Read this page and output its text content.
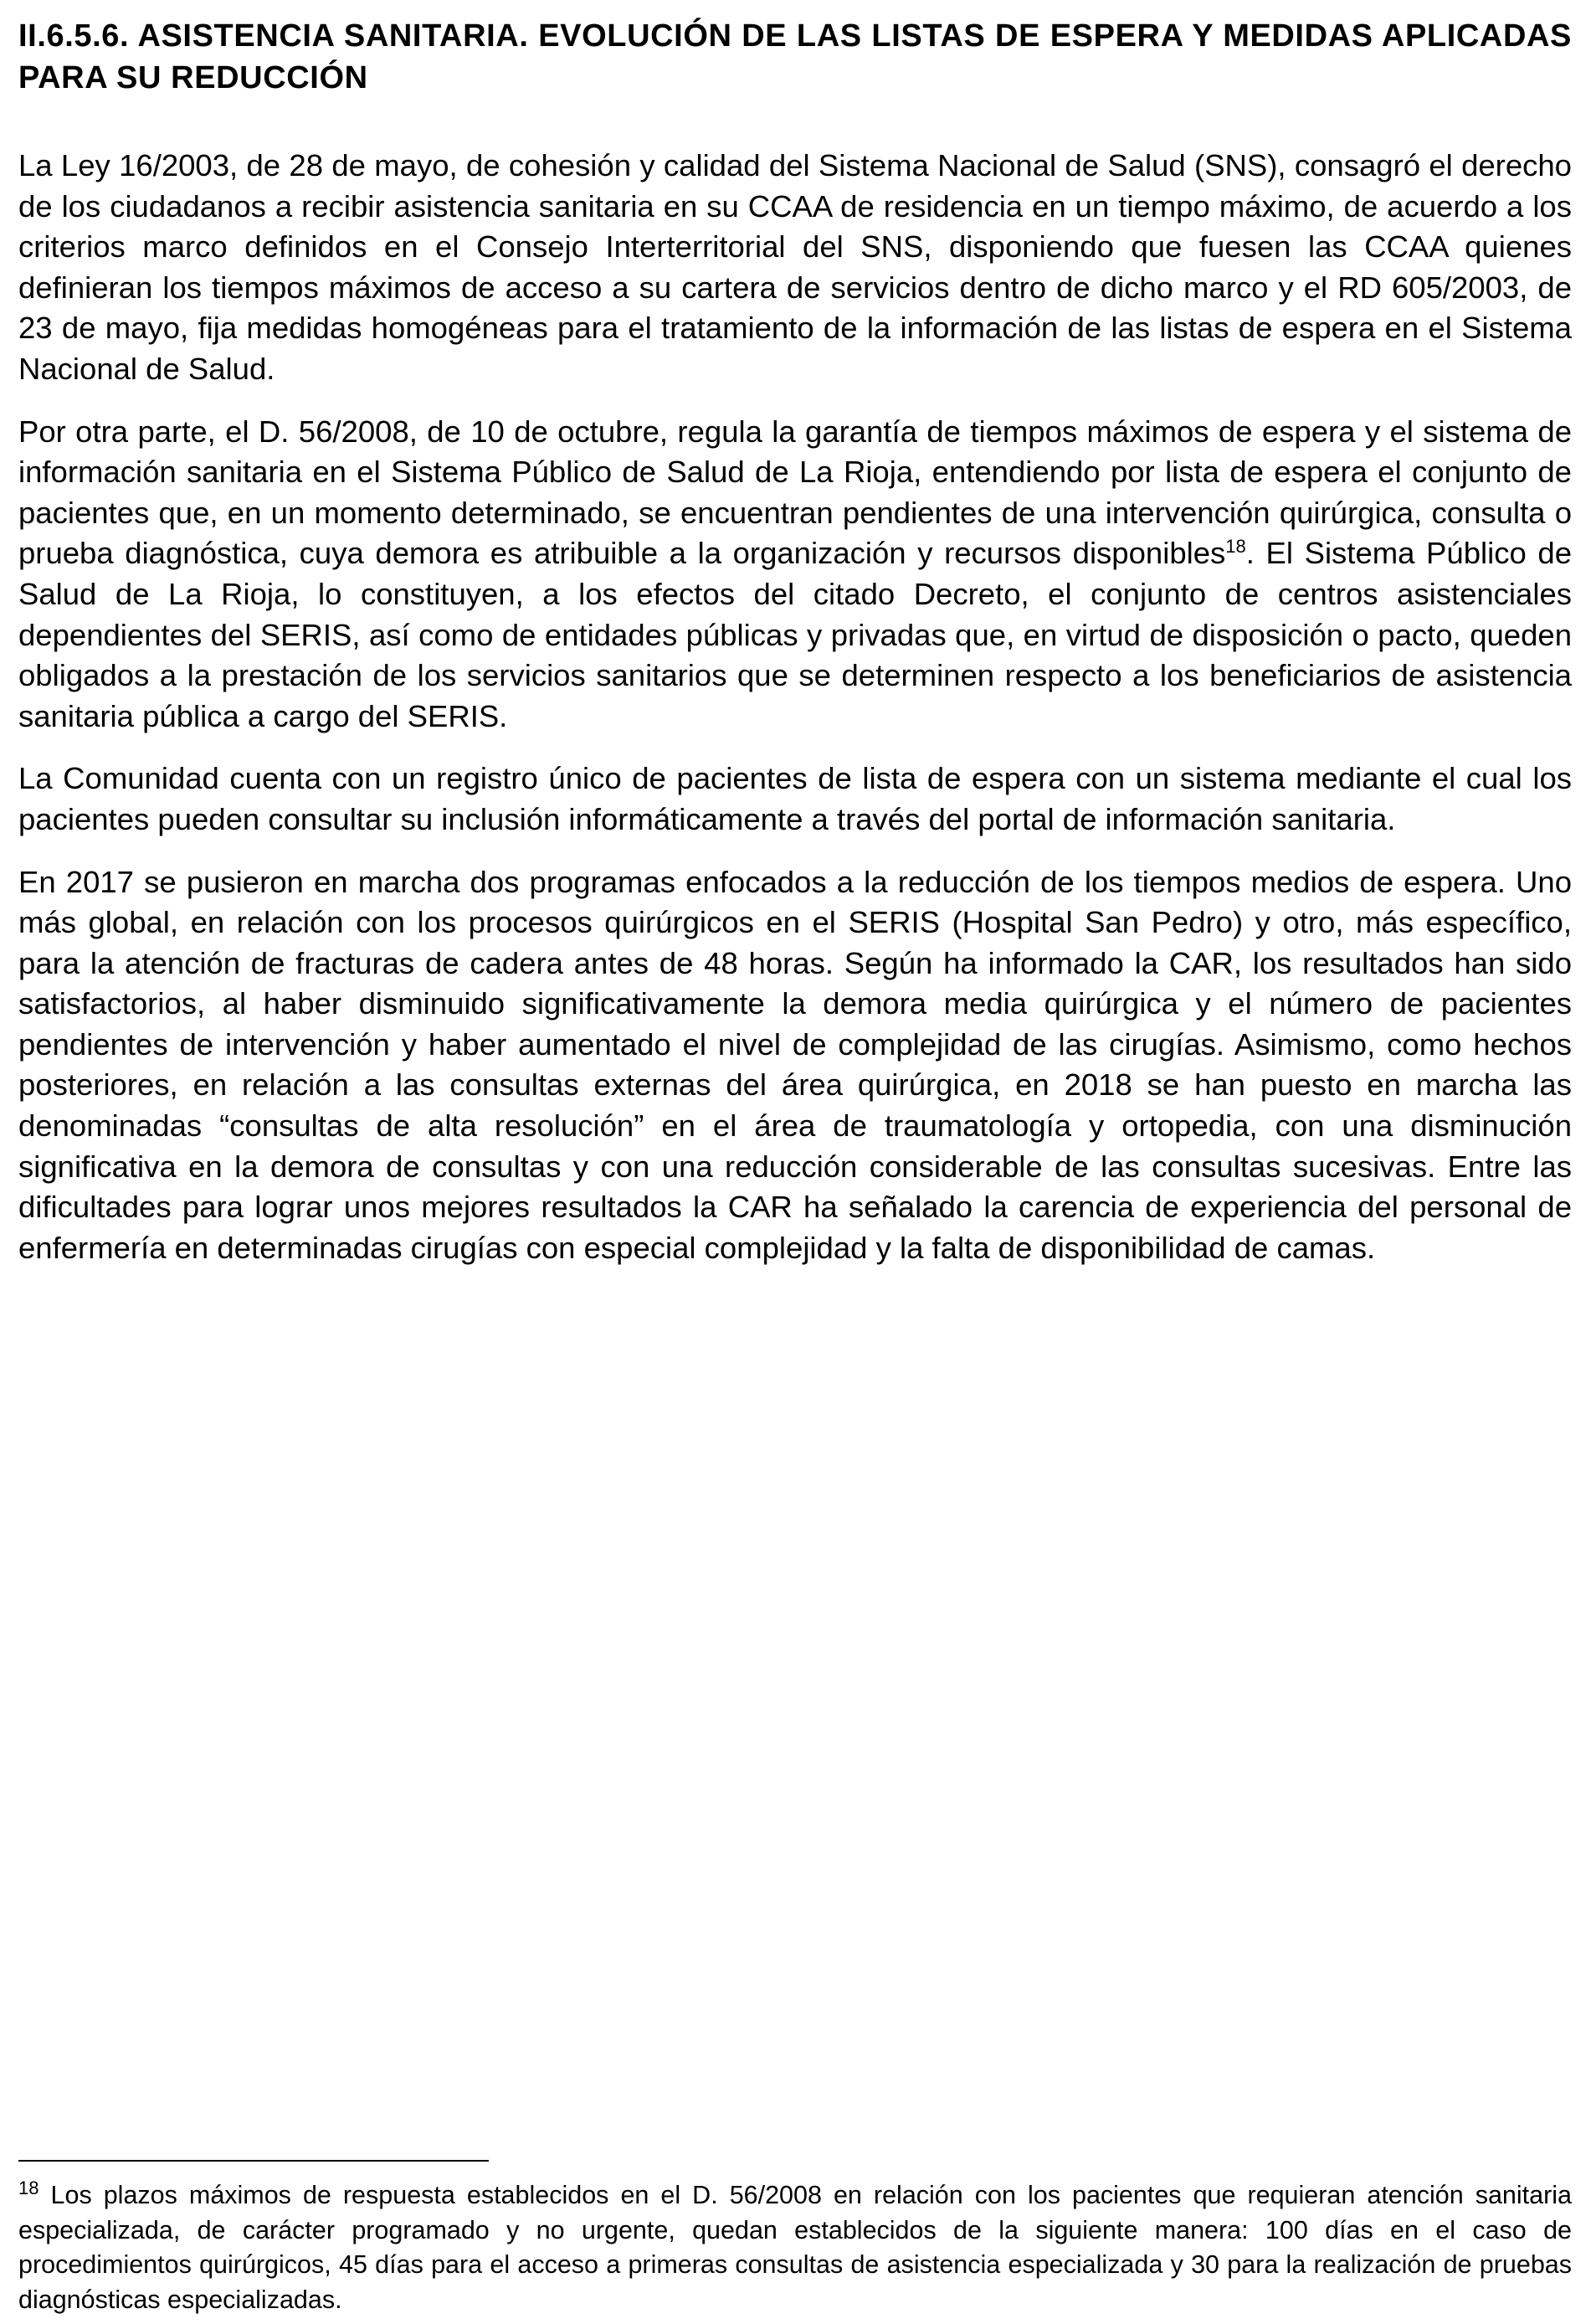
II.6.5.6. ASISTENCIA SANITARIA. EVOLUCIÓN DE LAS LISTAS DE ESPERA Y MEDIDAS APLICADAS PARA SU REDUCCIÓN

La Ley 16/2003, de 28 de mayo, de cohesión y calidad del Sistema Nacional de Salud (SNS), consagró el derecho de los ciudadanos a recibir asistencia sanitaria en su CCAA de residencia en un tiempo máximo, de acuerdo a los criterios marco definidos en el Consejo Interterritorial del SNS, disponiendo que fuesen las CCAA quienes definieran los tiempos máximos de acceso a su cartera de servicios dentro de dicho marco y el RD 605/2003, de 23 de mayo, fija medidas homogéneas para el tratamiento de la información de las listas de espera en el Sistema Nacional de Salud.

Por otra parte, el D. 56/2008, de 10 de octubre, regula la garantía de tiempos máximos de espera y el sistema de información sanitaria en el Sistema Público de Salud de La Rioja, entendiendo por lista de espera el conjunto de pacientes que, en un momento determinado, se encuentran pendientes de una intervención quirúrgica, consulta o prueba diagnóstica, cuya demora es atribuible a la organización y recursos disponibles$^{18}$. El Sistema Público de Salud de La Rioja, lo constituyen, a los efectos del citado Decreto, el conjunto de centros asistenciales dependientes del SERIS, así como de entidades públicas y privadas que, en virtud de disposición o pacto, queden obligados a la prestación de los servicios sanitarios que se determinen respecto a los beneficiarios de asistencia sanitaria pública a cargo del SERIS.

La Comunidad cuenta con un registro único de pacientes de lista de espera con un sistema mediante el cual los pacientes pueden consultar su inclusión informáticamente a través del portal de información sanitaria.

En 2017 se pusieron en marcha dos programas enfocados a la reducción de los tiempos medios de espera. Uno más global, en relación con los procesos quirúrgicos en el SERIS (Hospital San Pedro) y otro, más específico, para la atención de fracturas de cadera antes de 48 horas. Según ha informado la CAR, los resultados han sido satisfactorios, al haber disminuido significativamente la demora media quirúrgica y el número de pacientes pendientes de intervención y haber aumentado el nivel de complejidad de las cirugías. Asimismo, como hechos posteriores, en relación a las consultas externas del área quirúrgica, en 2018 se han puesto en marcha las denominadas “consultas de alta resolución” en el área de traumatología y ortopedia, con una disminución significativa en la demora de consultas y con una reducción considerable de las consultas sucesivas. Entre las dificultades para lograr unos mejores resultados la CAR ha señalado la carencia de experiencia del personal de enfermería en determinadas cirugías con especial complejidad y la falta de disponibilidad de camas.

$^{18}$ Los plazos máximos de respuesta establecidos en el D. 56/2008 en relación con los pacientes que requieran atención sanitaria especializada, de carácter programado y no urgente, quedan establecidos de la siguiente manera: 100 días en el caso de procedimientos quirúrgicos, 45 días para el acceso a primeras consultas de asistencia especializada y 30 para la realización de pruebas diagnósticas especializadas.
